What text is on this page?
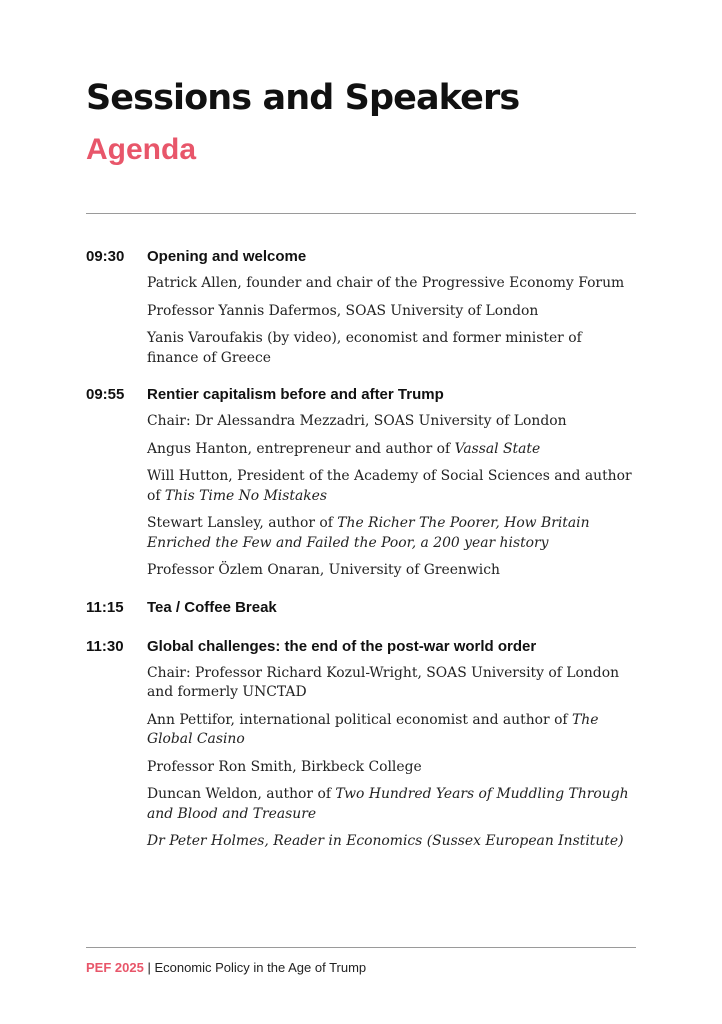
Sessions and Speakers
Agenda
09:30	Opening and welcome

Patrick Allen, founder and chair of the Progressive Economy Forum

Professor Yannis Dafermos, SOAS University of London

Yanis Varoufakis (by video), economist and former minister of finance of Greece

09:55	Rentier capitalism before and after Trump

Chair: Dr Alessandra Mezzadri, SOAS University of London

Angus Hanton, entrepreneur and author of Vassal State

Will Hutton, President of the Academy of Social Sciences and author of This Time No Mistakes

Stewart Lansley, author of The Richer The Poorer, How Britain Enriched the Few and Failed the Poor, a 200 year history

Professor Özlem Onaran, University of Greenwich

11:15	Tea / Coffee Break
11:30	Global challenges: the end of the post-war world order

Chair: Professor Richard Kozul-Wright, SOAS University of London and formerly UNCTAD

Ann Pettifor, international political economist and author of The Global Casino

Professor Ron Smith, Birkbeck College

Duncan Weldon, author of Two Hundred Years of Muddling Through and Blood and Treasure

Dr Peter Holmes, Reader in Economics (Sussex European Institute)

PEF 2025 | Economic Policy in the Age of Trump
